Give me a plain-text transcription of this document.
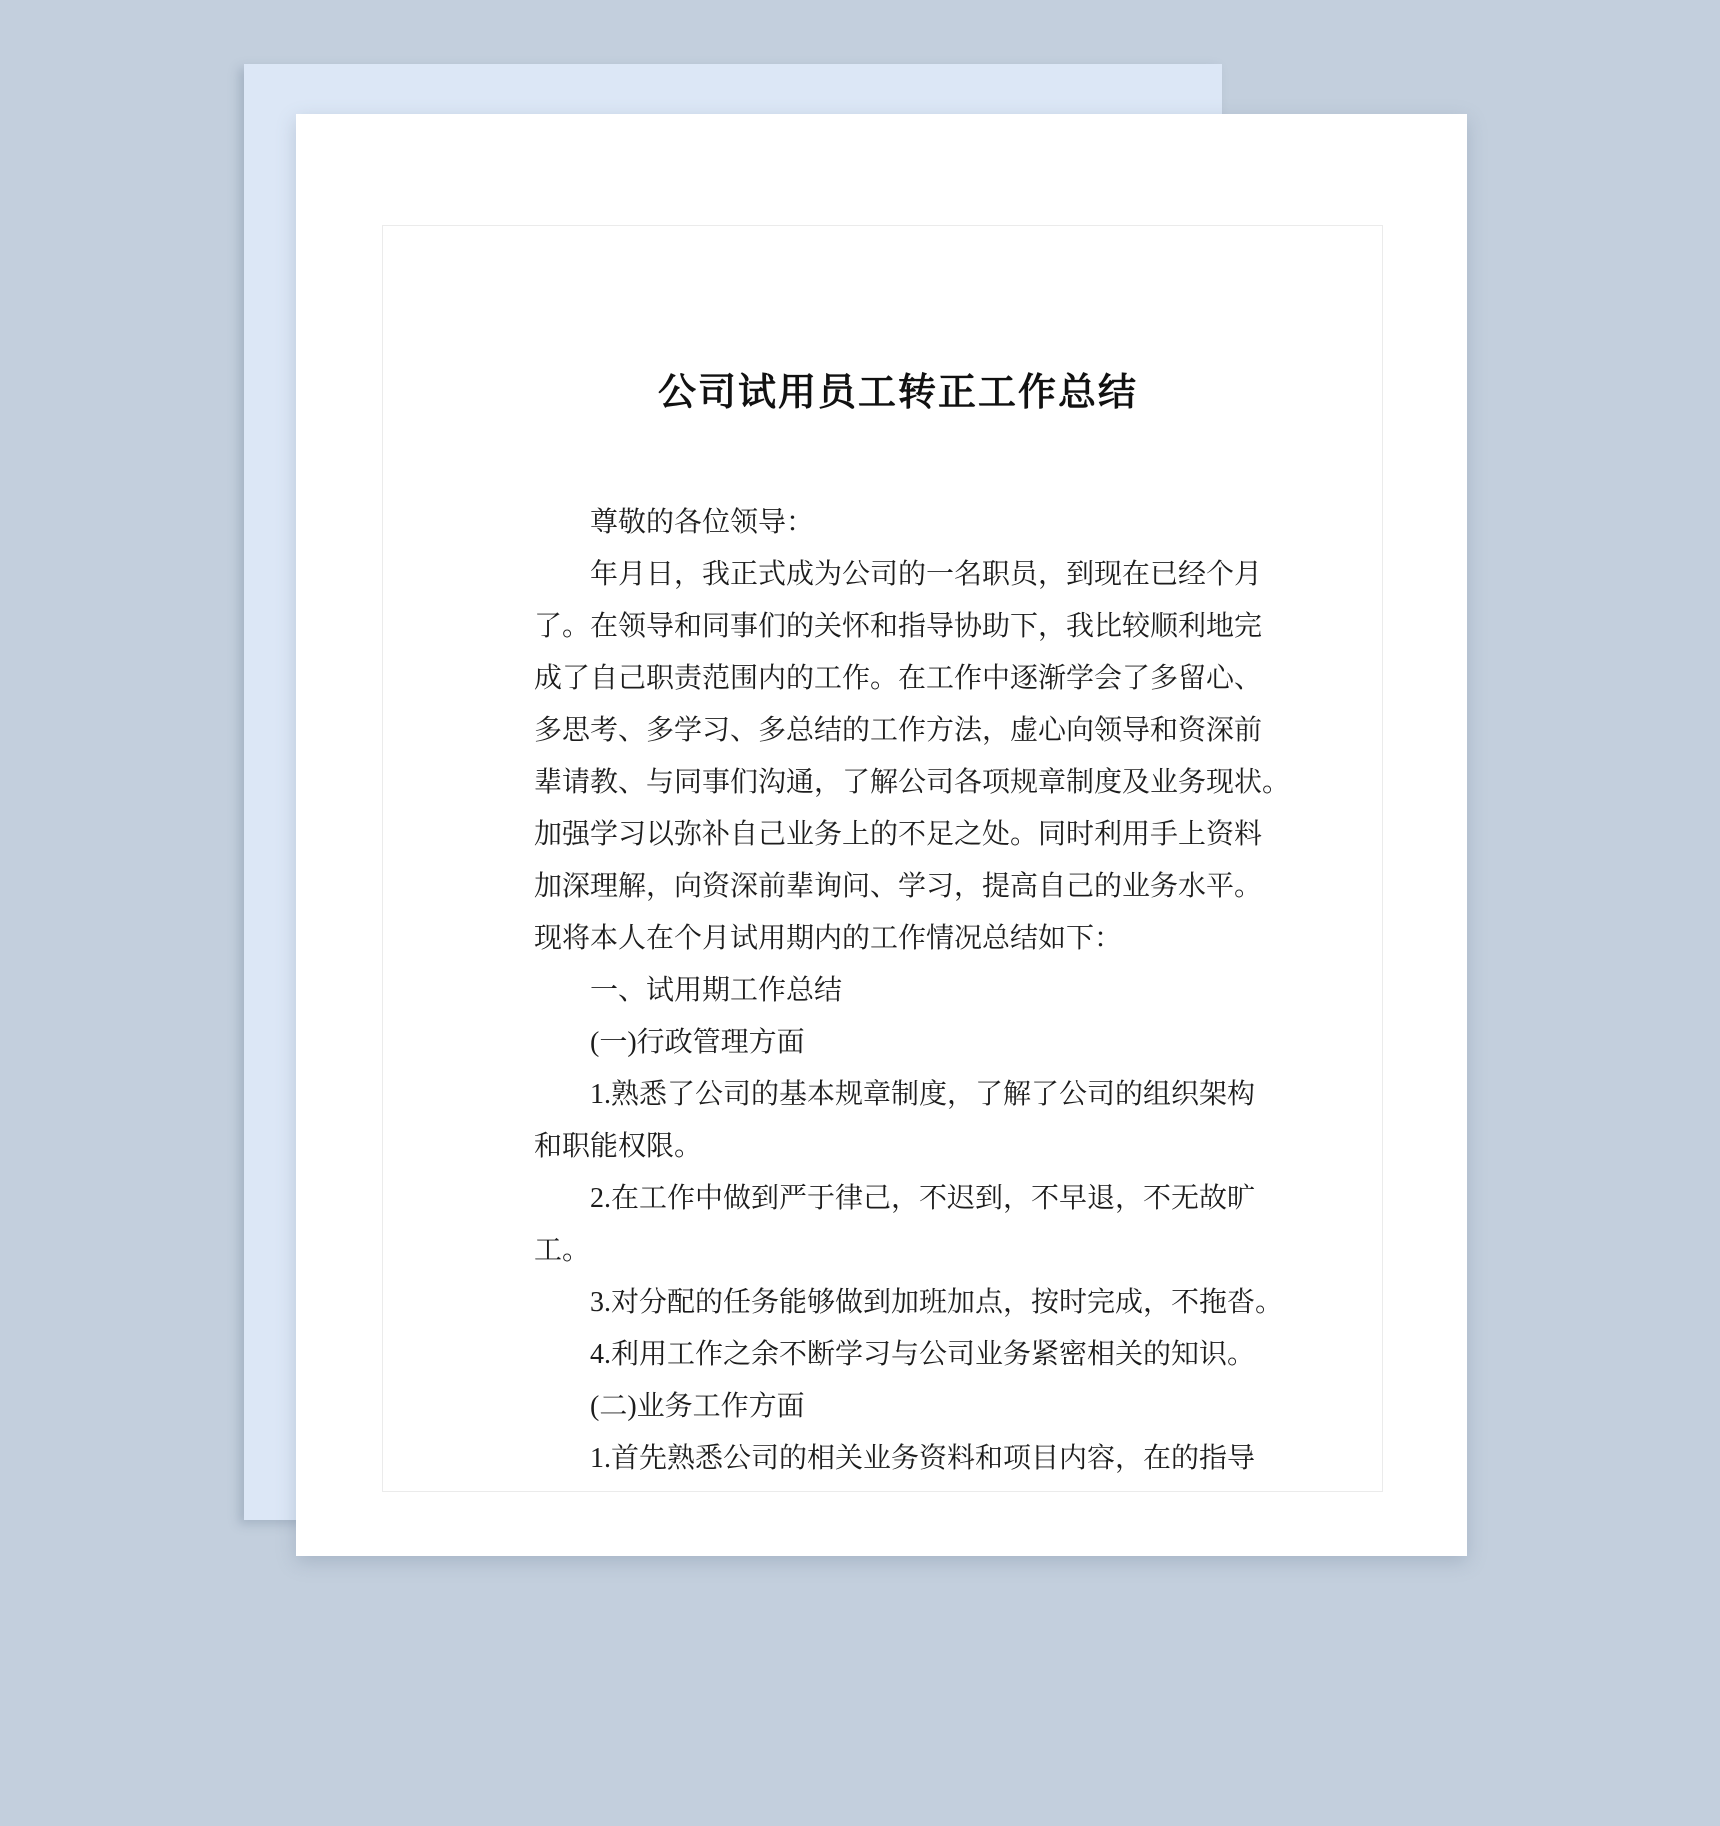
公司试用员工转正工作总结
尊敬的各位领导：
年月日，我正式成为公司的一名职员，到现在已经个月
了。在领导和同事们的关怀和指导协助下，我比较顺利地完
成了自己职责范围内的工作。在工作中逐渐学会了多留心、
多思考、多学习、多总结的工作方法，虚心向领导和资深前
辈请教、与同事们沟通，了解公司各项规章制度及业务现状。
加强学习以弥补自己业务上的不足之处。同时利用手上资料
加深理解，向资深前辈询问、学习，提高自己的业务水平。
现将本人在个月试用期内的工作情况总结如下：
一、试用期工作总结
(一)行政管理方面
1.熟悉了公司的基本规章制度，了解了公司的组织架构
和职能权限。
2.在工作中做到严于律己，不迟到，不早退，不无故旷
工。
3.对分配的任务能够做到加班加点，按时完成，不拖沓。
4.利用工作之余不断学习与公司业务紧密相关的知识。
(二)业务工作方面
1.首先熟悉公司的相关业务资料和项目内容，在的指导
